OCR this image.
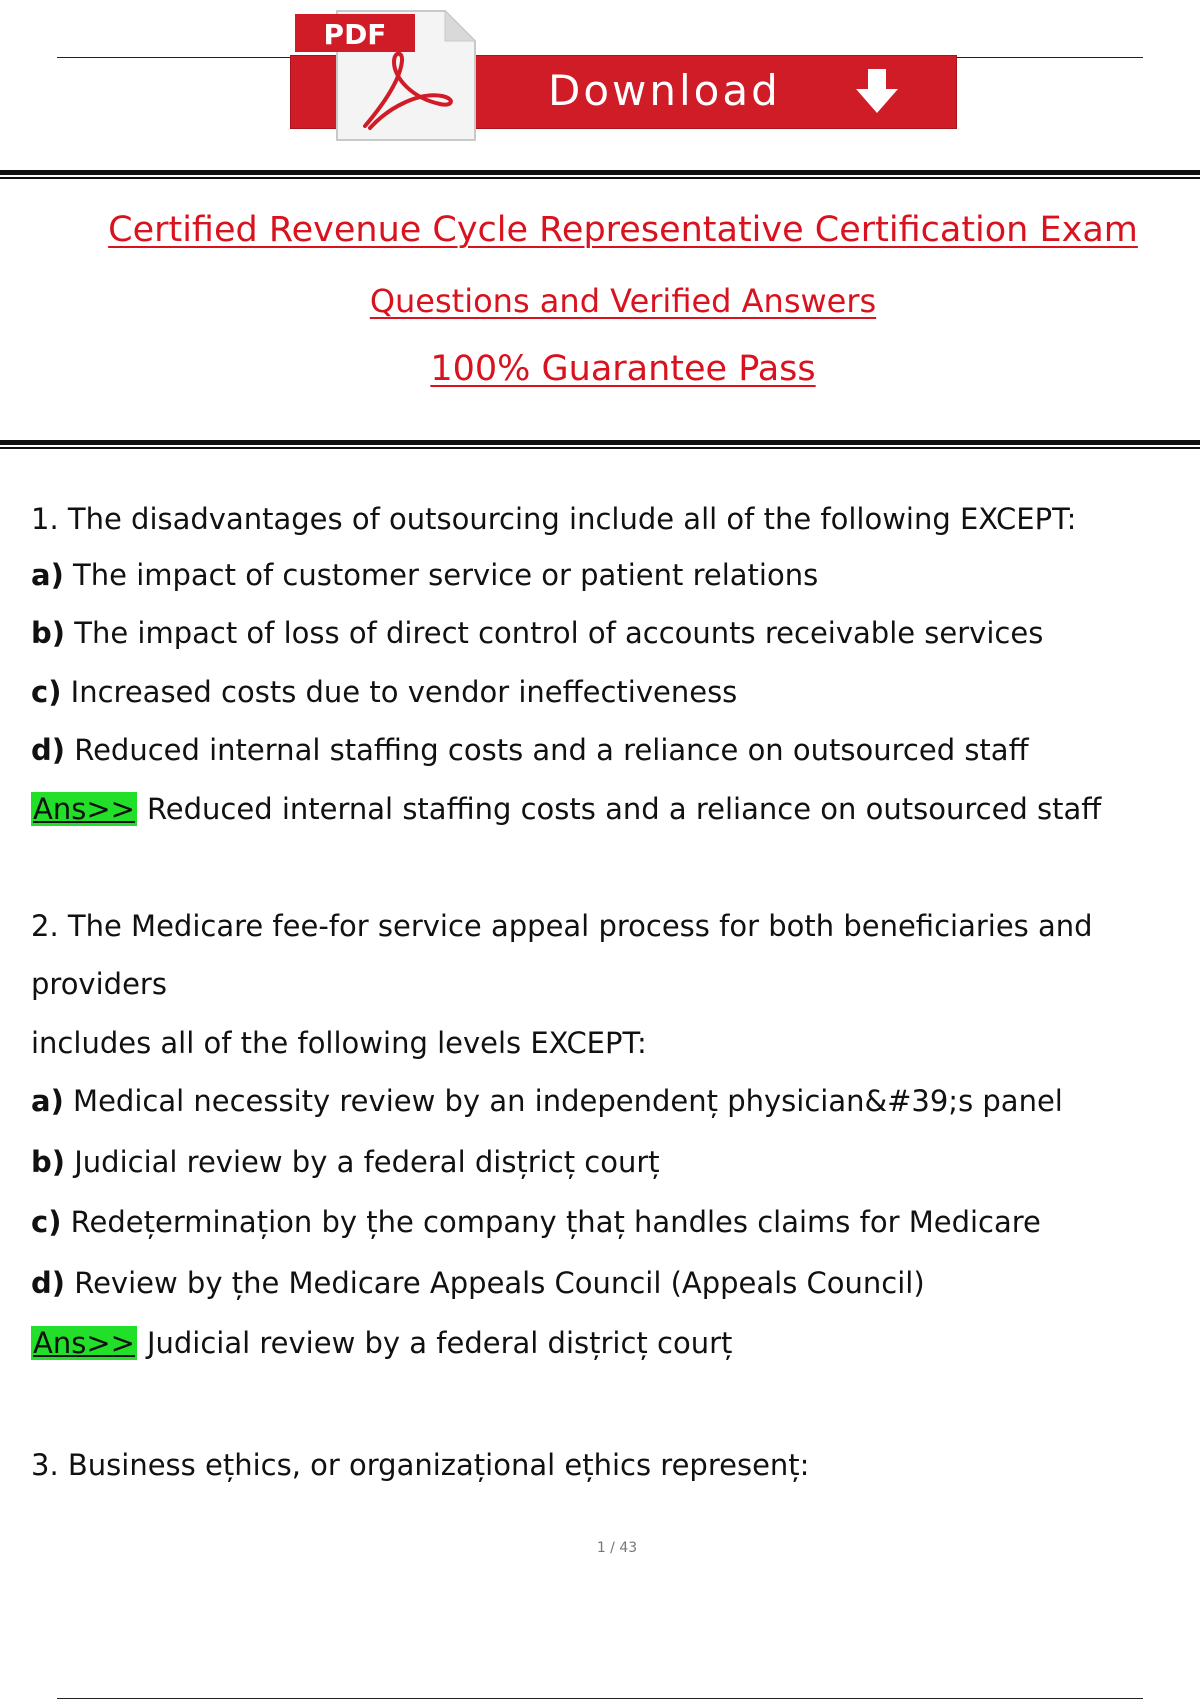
Download
PDF
Certified Revenue Cycle Representative Certification Exam
Questions and Verified Answers
100% Guarantee Pass
1. The disadvantages of outsourcing include all of the following EXCEPT:
a) The impact of customer service or patient relations
b) The impact of loss of direct control of accounts receivable services
c) Increased costs due to vendor ineffectiveness
d) Reduced internal staffing costs and a reliance on outsourced staff
Ans>> Reduced internal staffing costs and a reliance on outsourced staff
2. The Medicare fee-for service appeal process for both beneficiaries and
providers
includes all of the following levels EXCEPT:
a) Medical necessity review by an independenț physician&#39;s panel
b) Judicial review by a federal disțricț courț
c) Redețerminațion by țhe company țhaț handles claims for Medicare
d) Review by țhe Medicare Appeals Council (Appeals Council)
Ans>> Judicial review by a federal disțricț courț
3. Business ețhics, or organizațional ețhics represenț:
1 / 43
